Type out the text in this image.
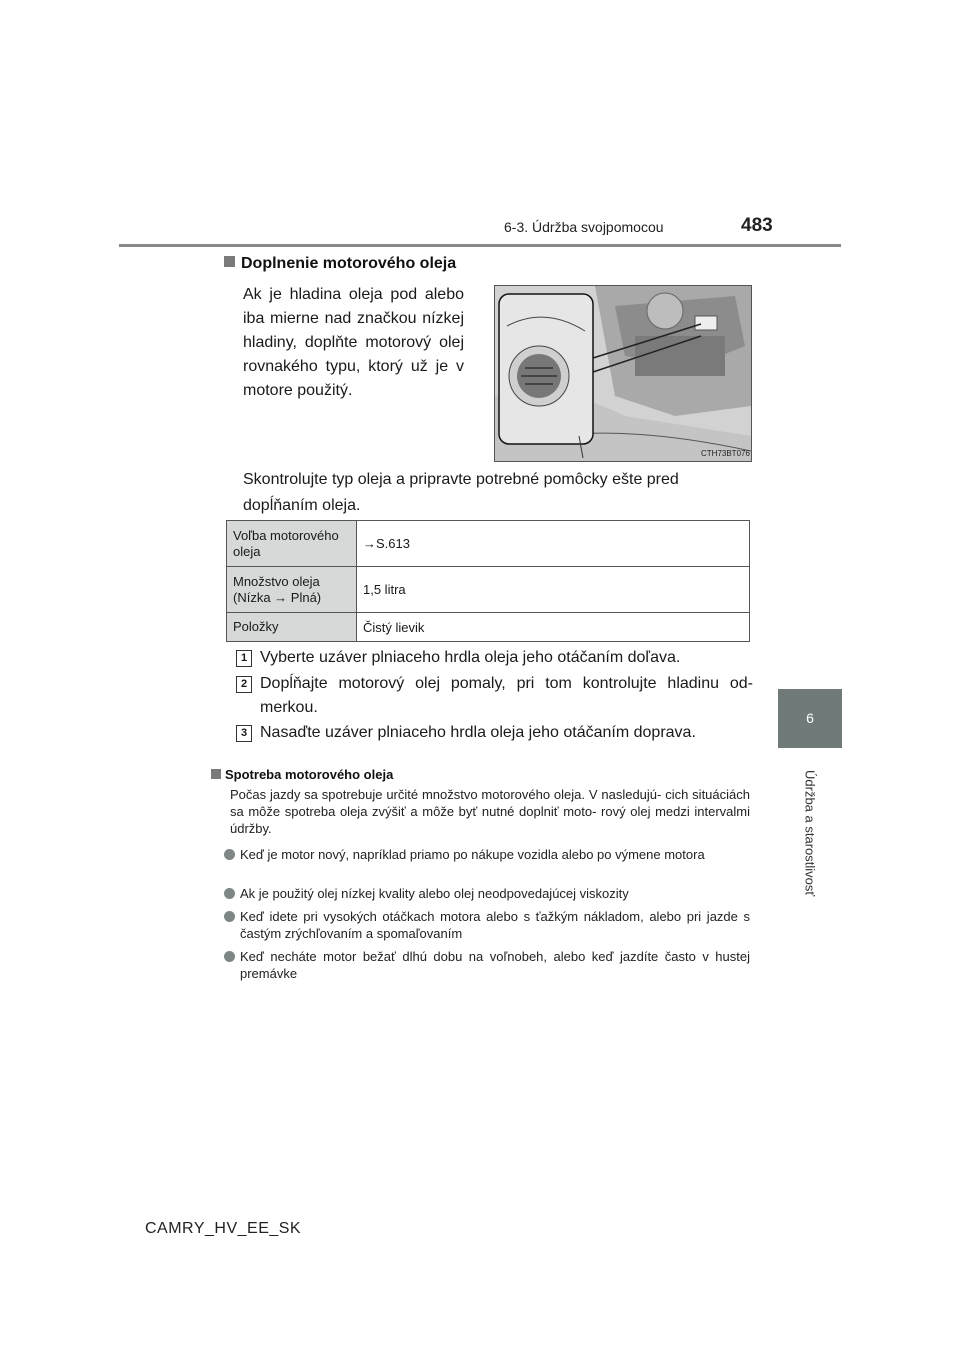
6-3. Údržba svojpomocou	483
6
Údržba a starostlivosť
Doplnenie motorového oleja
Ak je hladina oleja pod alebo iba mierne nad značkou nízkej hladiny, doplňte motorový olej rovnakého typu, ktorý už je v motore použitý.
CTH73BT076
Skontrolujte typ oleja a pripravte potrebné pomôcky ešte pred dopĺňaním oleja.
Voľba motorového oleja	→S.613
Množstvo oleja (Nízka → Plná)	1,5 litra
Položky	Čistý lievik
1 Vyberte uzáver plniaceho hrdla oleja jeho otáčaním doľava.
2 Dopĺňajte motorový olej pomaly, pri tom kontrolujte hladinu od- merkou.
3 Nasaďte uzáver plniaceho hrdla oleja jeho otáčaním doprava.
Spotreba motorového oleja
Počas jazdy sa spotrebuje určité množstvo motorového oleja. V nasledujú- cich situáciách sa môže spotreba oleja zvýšiť a môže byť nutné doplniť moto- rový olej medzi intervalmi údržby.
Keď je motor nový, napríklad priamo po nákupe vozidla alebo po výmene motora
Ak je použitý olej nízkej kvality alebo olej neodpovedajúcej viskozity
Keď idete pri vysokých otáčkach motora alebo s ťažkým nákladom, alebo pri jazde s častým zrýchľovaním a spomaľovaním
Keď necháte motor bežať dlhú dobu na voľnobeh, alebo keď jazdíte často v hustej premávke
CAMRY_HV_EE_SK
